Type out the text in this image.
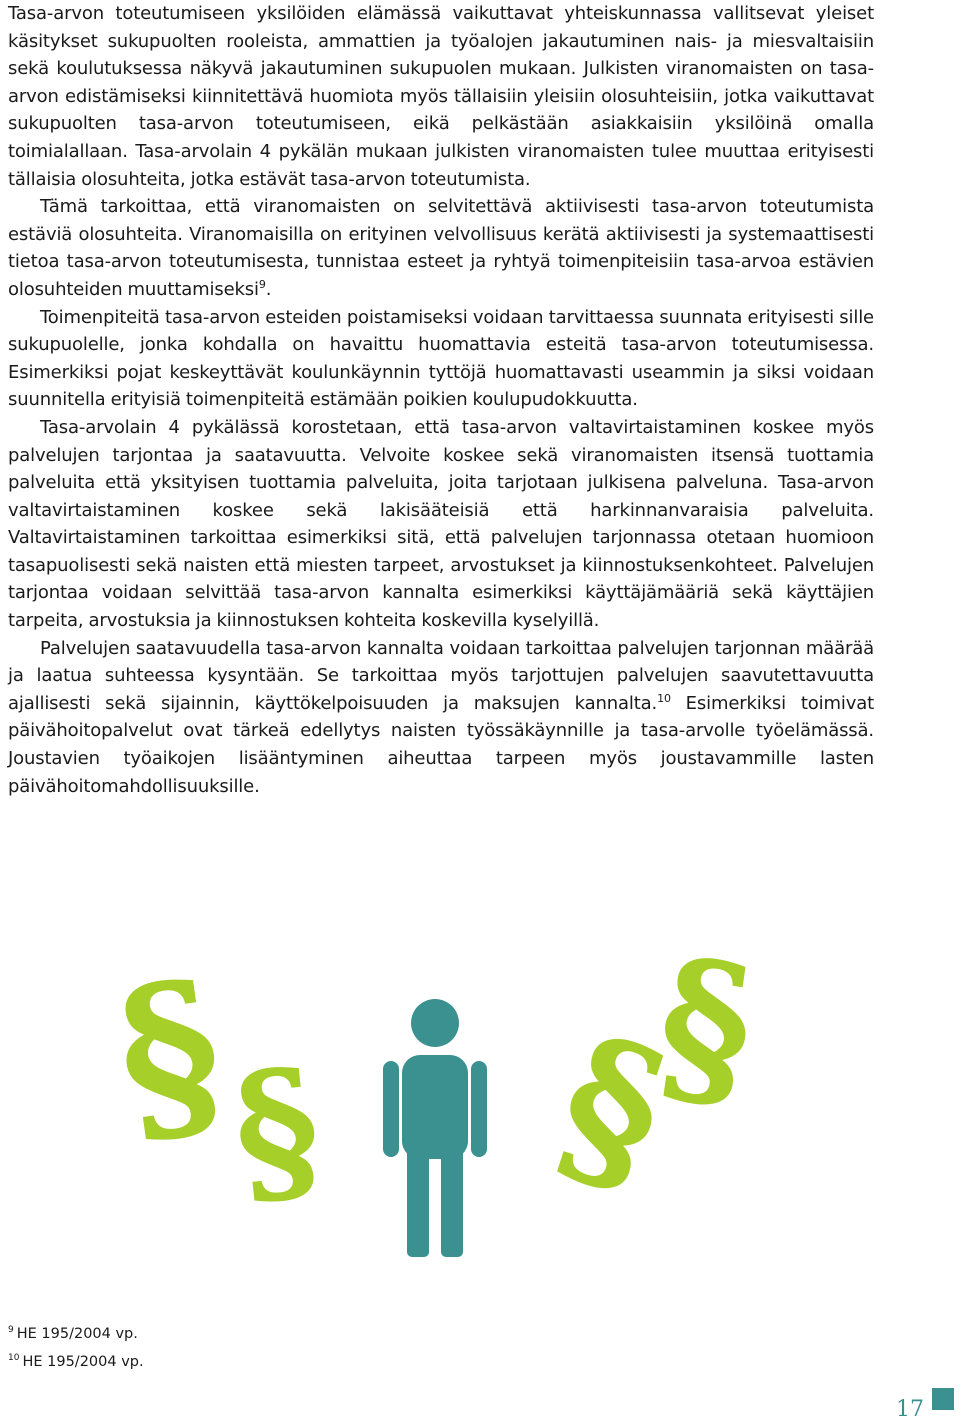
Tasa-arvon toteutumiseen yksilöiden elämässä vaikuttavat yhteiskunnassa vallitsevat yleiset käsitykset sukupuolten rooleista, ammattien ja työalojen jakautuminen nais- ja miesvaltaisiin sekä koulutuksessa näkyvä jakautuminen sukupuolen mukaan. Julkisten viranomaisten on tasa-arvon edistämiseksi kiinnitettävä huomiota myös tällaisiin yleisiin olosuhteisiin, jotka vaikuttavat sukupuolten tasa-arvon toteutumiseen, eikä pelkästään asiakkaisiin yksilöinä omalla toimialallaan. Tasa-arvolain 4 pykälän mukaan julkisten viranomaisten tulee muuttaa erityisesti tällaisia olosuhteita, jotka estävät tasa-arvon toteutumista.

Tämä tarkoittaa, että viranomaisten on selvitettävä aktiivisesti tasa-arvon toteutumista estäviä olosuhteita. Viranomaisilla on erityinen velvollisuus kerätä aktiivisesti ja systemaattisesti tietoa tasa-arvon toteutumisesta, tunnistaa esteet ja ryhtyä toimenpiteisiin tasa-arvoa estävien olosuhteiden muuttamiseksi$^9$.

Toimenpiteitä tasa-arvon esteiden poistamiseksi voidaan tarvittaessa suunnata erityisesti sille sukupuolelle, jonka kohdalla on havaittu huomattavia esteitä tasa-arvon toteutumisessa. Esimerkiksi pojat keskeyttävät koulunkäynnin tyttöjä huomattavasti useammin ja siksi voidaan suunnitella erityisiä toimenpiteitä estämään poikien koulupudokkuutta.

Tasa-arvolain 4 pykälässä korostetaan, että tasa-arvon valtavirtaistaminen koskee myös palvelujen tarjontaa ja saatavuutta. Velvoite koskee sekä viranomaisten itsensä tuottamia palveluita että yksityisen tuottamia palveluita, joita tarjotaan julkisena palveluna. Tasa-arvon valtavirtaistaminen koskee sekä lakisääteisiä että harkinnanvaraisia palveluita. Valtavirtaistaminen tarkoittaa esimerkiksi sitä, että palvelujen tarjonnassa otetaan huomioon tasapuolisesti sekä naisten että miesten tarpeet, arvostukset ja kiinnostuksenkohteet. Palvelujen tarjontaa voidaan selvittää tasa-arvon kannalta esimerkiksi käyttäjämääriä sekä käyttäjien tarpeita, arvostuksia ja kiinnostuksen kohteita koskevilla kyselyillä.

Palvelujen saatavuudella tasa-arvon kannalta voidaan tarkoittaa palvelujen tarjonnan määrää ja laatua suhteessa kysyntään. Se tarkoittaa myös tarjottujen palvelujen saavutettavuutta ajallisesti sekä sijainnin, käyttökelpoisuuden ja maksujen kannalta.$^{10}$ Esimerkiksi toimivat päivähoitopalvelut ovat tärkeä edellytys naisten työssäkäynnille ja tasa-arvolle työelämässä. Joustavien työaikojen lisääntyminen aiheuttaa tarpeen myös joustavammille lasten päivähoitomahdollisuuksille.

§
§ §
§
$^9$ HE 195/2004 vp.
$^{10}$ HE 195/2004 vp.
17
